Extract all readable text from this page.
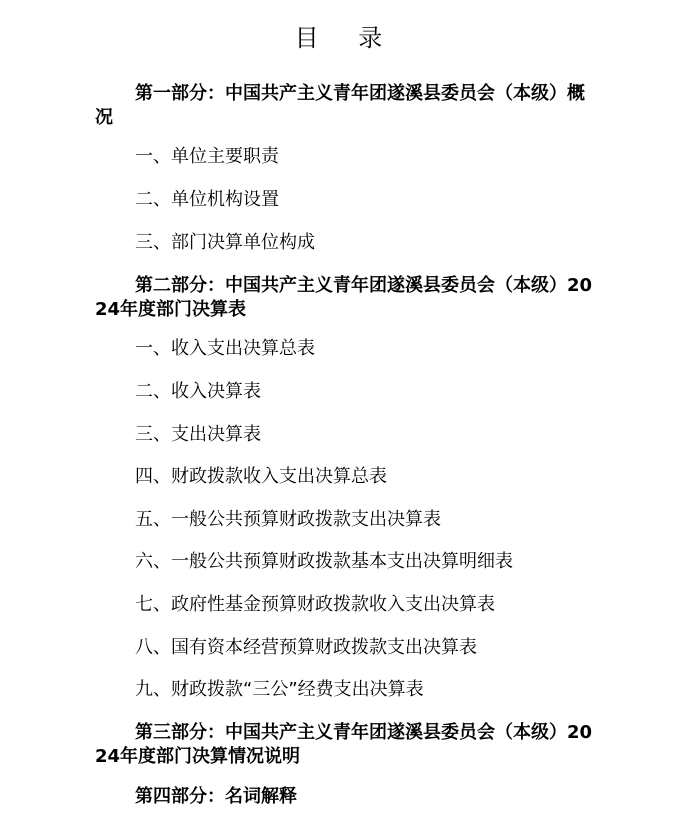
目 录
第一部分：中国共产主义青年团遂溪县委员会（本级）概况
一、单位主要职责
二、单位机构设置
三、部门决算单位构成
第二部分：中国共产主义青年团遂溪县委员会（本级）2024年度部门决算表
一、收入支出决算总表
二、收入决算表
三、支出决算表
四、财政拨款收入支出决算总表
五、一般公共预算财政拨款支出决算表
六、一般公共预算财政拨款基本支出决算明细表
七、政府性基金预算财政拨款收入支出决算表
八、国有资本经营预算财政拨款支出决算表
九、财政拨款“三公”经费支出决算表
第三部分：中国共产主义青年团遂溪县委员会（本级）2024年度部门决算情况说明
第四部分：名词解释
